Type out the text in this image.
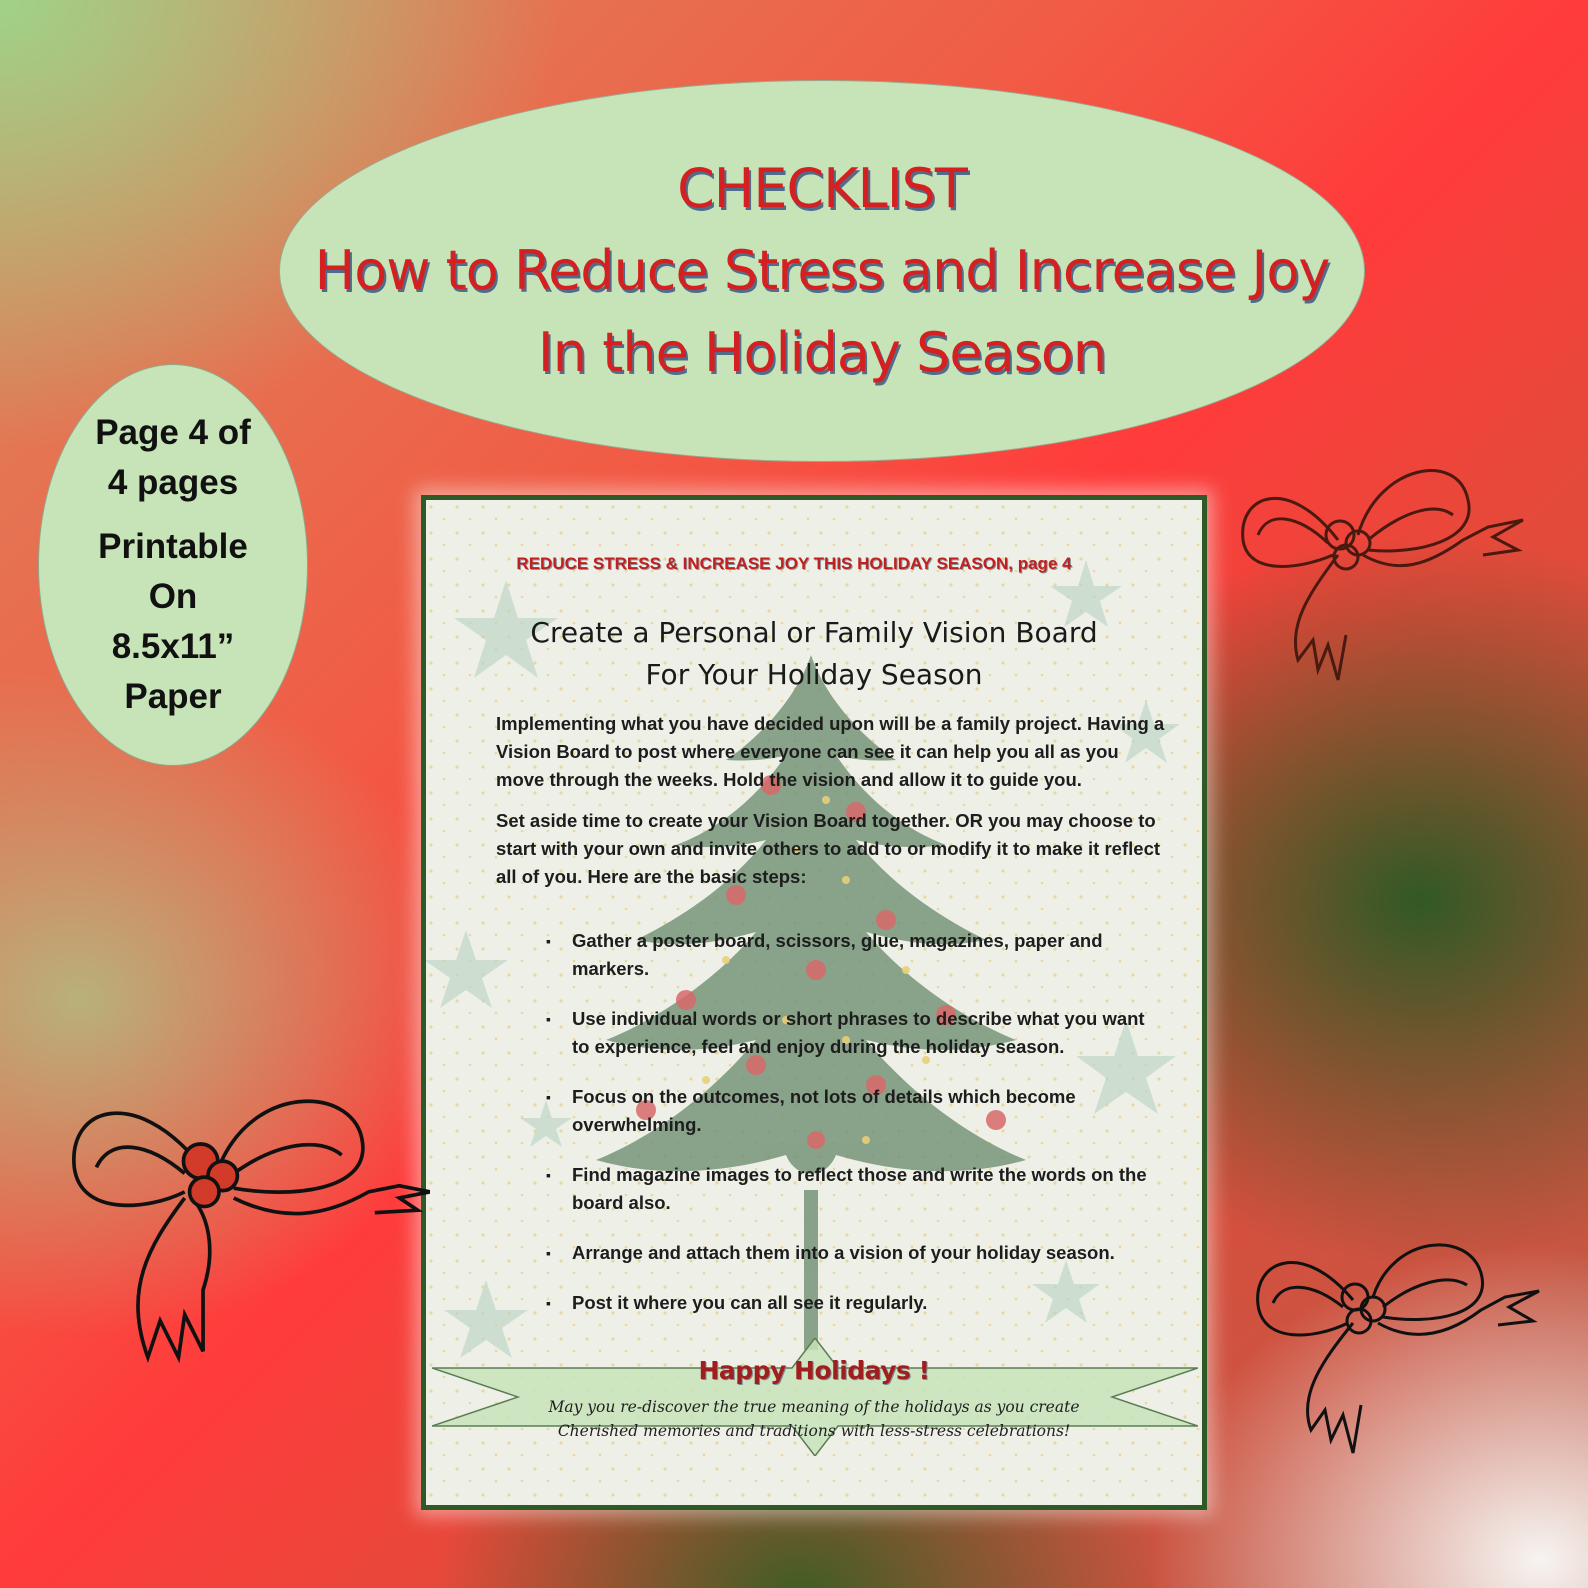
CHECKLIST
How to Reduce Stress and Increase Joy
In the Holiday Season
Page 4 of
4 pages
Printable
On
8.5x11”
Paper
REDUCE STRESS & INCREASE JOY THIS HOLIDAY SEASON, page 4
Create a Personal or Family Vision Board
For Your Holiday Season

Implementing what you have decided upon will be a family project. Having a Vision Board to post where everyone can see it can help you all as you move through the weeks. Hold the vision and allow it to guide you.

Set aside time to create your Vision Board together. OR you may choose to start with your own and invite others to add to or modify it to make it reflect all of you. Here are the basic steps:

▪ Gather a poster board, scissors, glue, magazines, paper and markers.
▪ Use individual words or short phrases to describe what you want to experience, feel and enjoy during the holiday season.
▪ Focus on the outcomes, not lots of details which become overwhelming.
▪ Find magazine images to reflect those and write the words on the board also.
▪ Arrange and attach them into a vision of your holiday season.
▪ Post it where you can all see it regularly.
Happy Holidays !
May you re-discover the true meaning of the holidays as you create
Cherished memories and traditions with less-stress celebrations!
